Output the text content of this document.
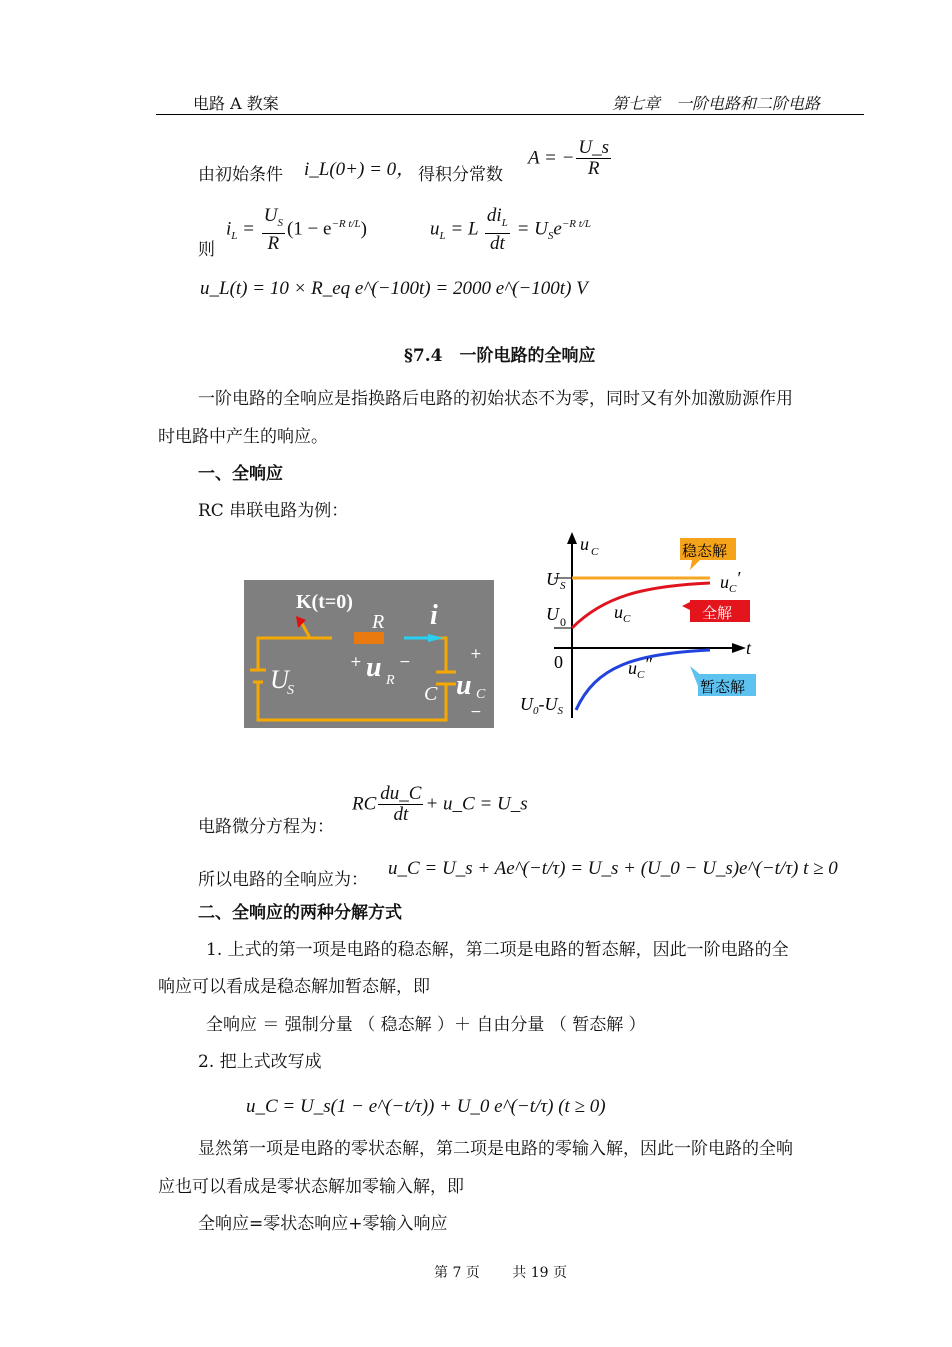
电路 A 教案	第七章　一阶电路和二阶电路
由初始条件 i_L(0+) = 0， 得积分常数
A = − $\frac{U\_s}{R}$
则
$i_L = \frac{U_S}{R} (1 - e^{-R t/L})$	$u_L = L \frac{di_L}{dt} = U_Se^{-R t/L}$
u_L(t) = 10 × R_eq e^(−100t) = 2000 e^(−100t) V
§7.4　一阶电路的全响应
一阶电路的全响应是指换路后电路的初始状态不为零，同时又有外加激励源作用
时电路中产生的响应。
一、全响应
RC 串联电路为例：
K(t=0)
R i
U
S
+	−
u R
C
+
u C
−
u C
t
U S
U 0
0
$U_0-U_S$
$u_C$
$u_C'$
$u_C''$
稳态解
全解
暂态解
电路微分方程为：
RC $\frac{du\_C}{dt}$ + u_C = U_s
所以电路的全响应为：
u_C = U_s + Ae^(−t/τ) = U_s + (U_0 − U_s)e^(−t/τ) t ≥ 0
二、全响应的两种分解方式
1. 上式的第一项是电路的稳态解，第二项是电路的暂态解，因此一阶电路的全
响应可以看成是稳态解加暂态解，即
全响应 ＝ 强制分量 （ 稳态解 ）＋ 自由分量 （ 暂态解 ）
2. 把上式改写成
u_C = U_s(1 − e^(−t/τ)) + U_0 e^(−t/τ) (t ≥ 0)
显然第一项是电路的零状态解，第二项是电路的零输入解，因此一阶电路的全响
应也可以看成是零状态解加零输入解，即
全响应=零状态响应+零输入响应
第 7 页　　 共 19 页
